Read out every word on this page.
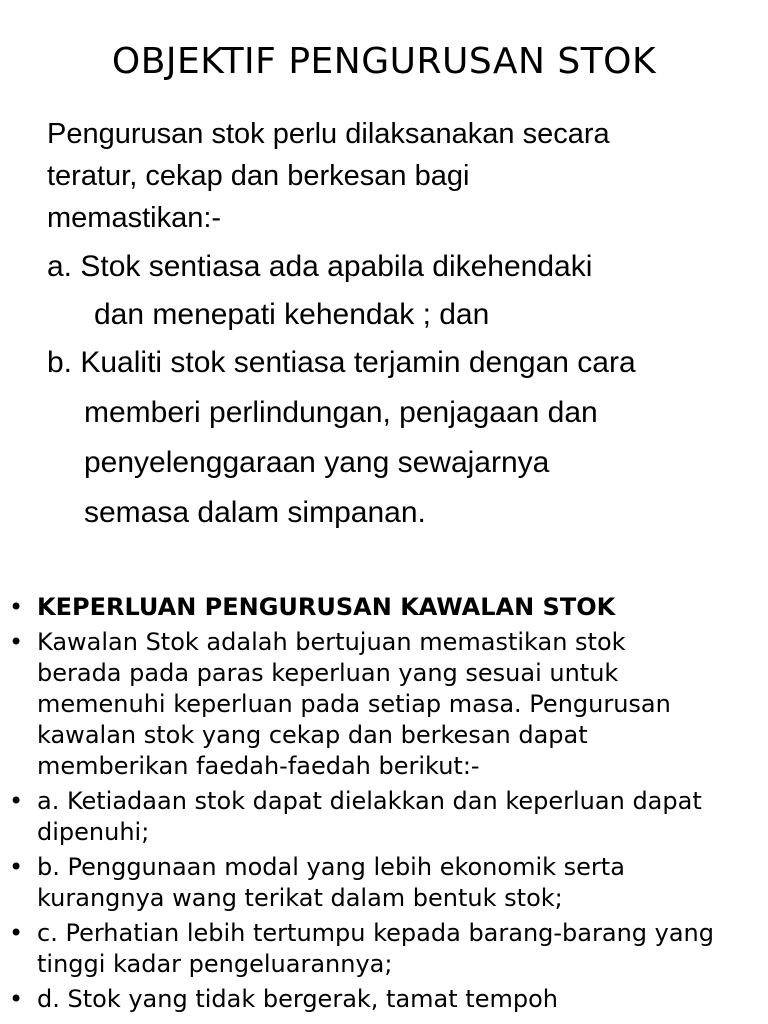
OBJEKTIF PENGURUSAN STOK
Pengurusan stok perlu dilaksanakan secara
teratur, cekap dan berkesan bagi
memastikan:-
a. Stok sentiasa ada apabila dikehendaki
dan menepati kehendak ; dan
b. Kualiti stok sentiasa terjamin dengan cara
memberi perlindungan, penjagaan dan
penyelenggaraan yang sewajarnya
semasa dalam simpanan.
• KEPERLUAN PENGURUSAN KAWALAN STOK
• Kawalan Stok adalah bertujuan memastikan stok
berada pada paras keperluan yang sesuai untuk
memenuhi keperluan pada setiap masa. Pengurusan
kawalan stok yang cekap dan berkesan dapat
memberikan faedah-faedah berikut:-
• a. Ketiadaan stok dapat dielakkan dan keperluan dapat
dipenuhi;
• b. Penggunaan modal yang lebih ekonomik serta
kurangnya wang terikat dalam bentuk stok;
• c. Perhatian lebih tertumpu kepada barang-barang yang
tinggi kadar pengeluarannya;
• d. Stok yang tidak bergerak, tamat tempoh
